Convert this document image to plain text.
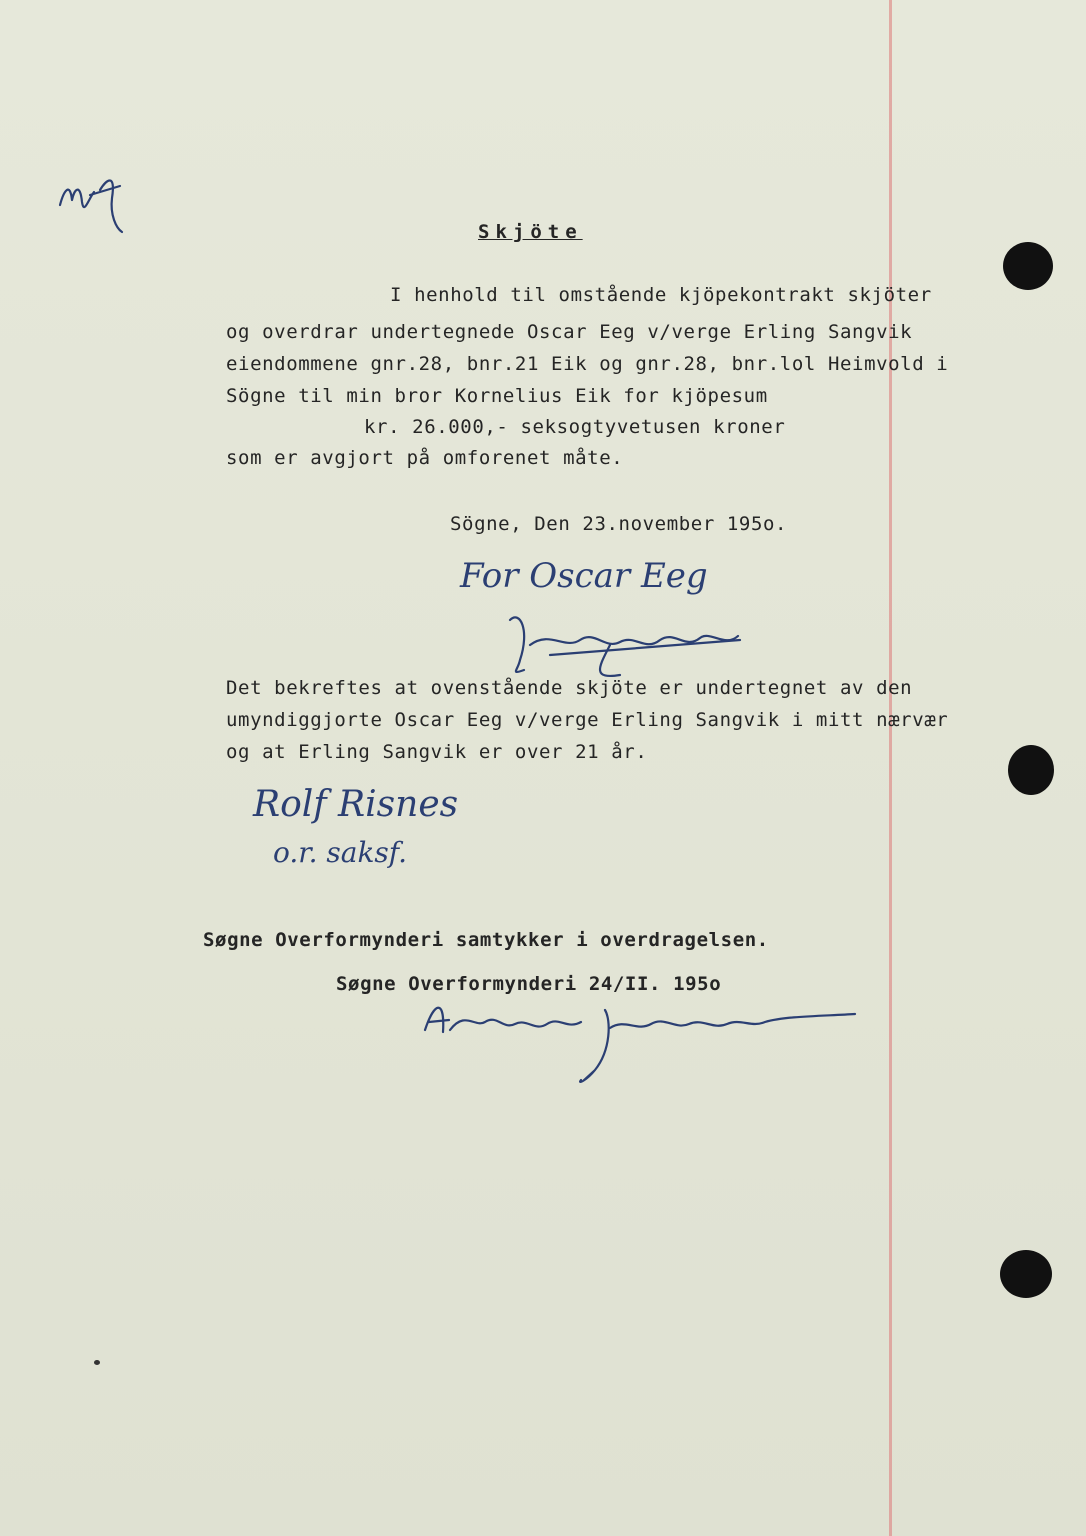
Skjöte
I henhold til omstående kjöpekontrakt skjöter
og overdrar undertegnede Oscar Eeg v/verge Erling Sangvik
eiendommene gnr.28, bnr.21 Eik og gnr.28, bnr.lol Heimvold i
Sögne til min bror Kornelius Eik for kjöpesum
kr. 26.000,- seksogtyvetusen kroner
som er avgjort på omforenet måte.
Sögne, Den 23.november 195o.
For Oscar Eeg
Det bekreftes at ovenstående skjöte er undertegnet av den
umyndiggjorte Oscar Eeg v/verge Erling Sangvik i mitt nærvær
og at Erling Sangvik er over 21 år.
Rolf Risnes
o.r. saksf.
Søgne Overformynderi samtykker i overdragelsen.
Søgne Overformynderi 24/II. 195o
